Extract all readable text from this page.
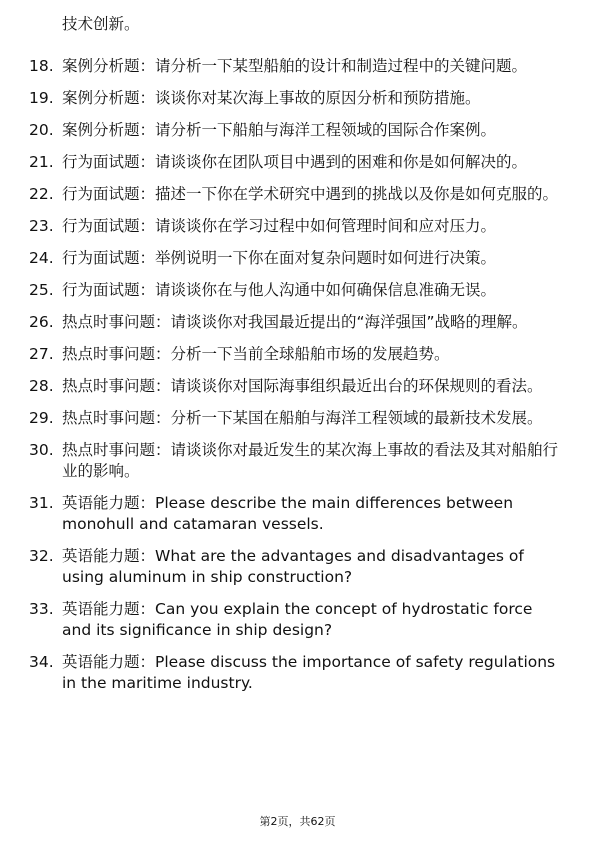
技术创新。
18. 案例分析题：请分析一下某型船舶的设计和制造过程中的关键问题。
19. 案例分析题：谈谈你对某次海上事故的原因分析和预防措施。
20. 案例分析题：请分析一下船舶与海洋工程领域的国际合作案例。
21. 行为面试题：请谈谈你在团队项目中遇到的困难和你是如何解决的。
22. 行为面试题：描述一下你在学术研究中遇到的挑战以及你是如何克服的。
23. 行为面试题：请谈谈你在学习过程中如何管理时间和应对压力。
24. 行为面试题：举例说明一下你在面对复杂问题时如何进行决策。
25. 行为面试题：请谈谈你在与他人沟通中如何确保信息准确无误。
26. 热点时事问题：请谈谈你对我国最近提出的“海洋强国”战略的理解。
27. 热点时事问题：分析一下当前全球船舶市场的发展趋势。
28. 热点时事问题：请谈谈你对国际海事组织最近出台的环保规则的看法。
29. 热点时事问题：分析一下某国在船舶与海洋工程领域的最新技术发展。
30. 热点时事问题：请谈谈你对最近发生的某次海上事故的看法及其对船舶行业的影响。
31. 英语能力题：Please describe the main differences between monohull and catamaran vessels.
32. 英语能力题：What are the advantages and disadvantages of using aluminum in ship construction?
33. 英语能力题：Can you explain the concept of hydrostatic force and its significance in ship design?
34. 英语能力题：Please discuss the importance of safety regulations in the maritime industry.
第2页，共62页
